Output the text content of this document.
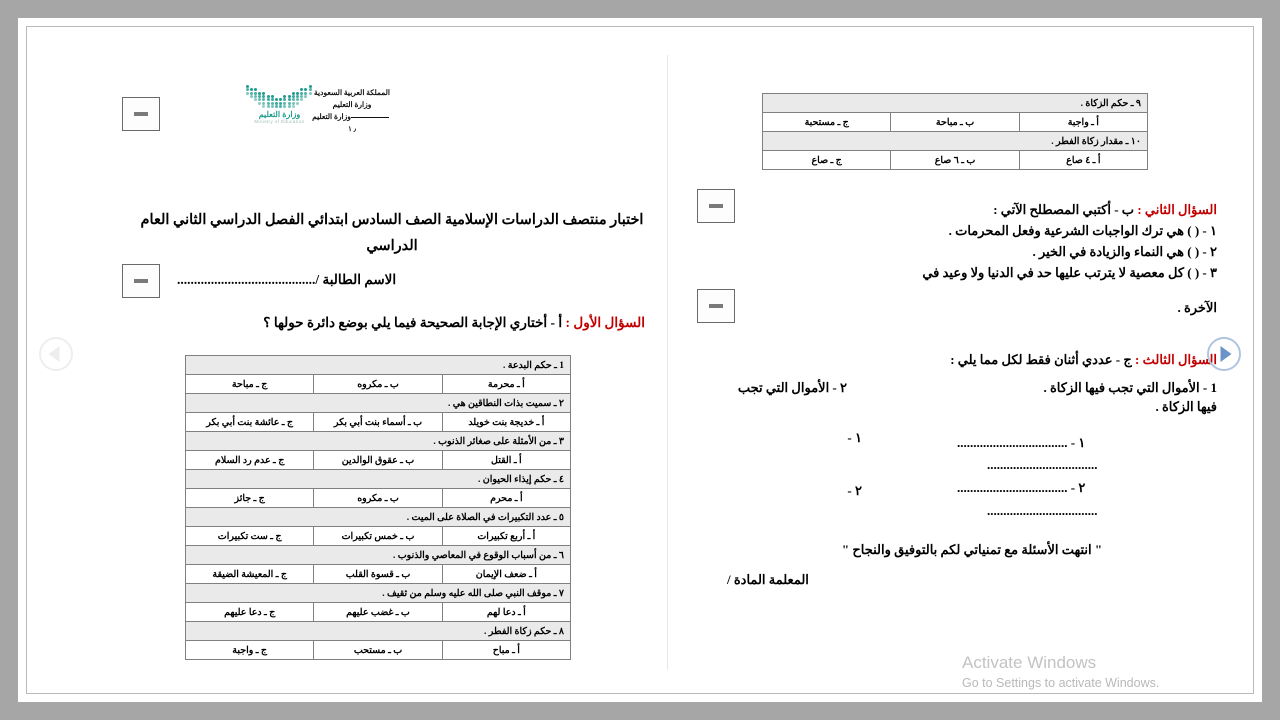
وزارة التعليم
Ministry of Education
المملكة العربية السعودية
وزارة التعليم
وزارة التعليم
٫ ١
اختبار منتصف الدراسات الإسلامية الصف السادس ابتدائي الفصل الدراسي الثاني العام الدراسي
الاسم الطالبة /.........................................
السؤال الأول : أ - أختاري الإجابة الصحيحة فيما يلي بوضع دائرة حولها ؟
1 ـ حكم البدعة .		
أ ـ محرمة	ب ـ مكروه	ج ـ مباحة
٢ ـ سميت بذات النطاقين هي .		
أ ـ خديجة بنت خويلد	ب ـ أسماء بنت أبي بكر	ج ـ عائشة بنت أبي بكر
٣ ـ من الأمثلة على صغائر الذنوب .		
أ ـ القتل	ب ـ عقوق الوالدين	ج ـ عدم رد السلام
٤ ـ حكم إيذاء الحيوان .		
أ ـ محرم	ب ـ مكروه	ج ـ جائز
٥ ـ عدد التكبيرات في الصلاة على الميت .		
أ ـ أربع تكبيرات	ب ـ خمس تكبيرات	ج ـ ست تكبيرات
٦ ـ من أسباب الوقوع في المعاصي والذنوب .		
أ ـ ضعف الإيمان	ب ـ قسوة القلب	ج ـ المعيشة الضيقة
٧ ـ موقف النبي صلى الله عليه وسلم من ثقيف .		
أ ـ دعا لهم	ب ـ غضب عليهم	ج ـ دعا عليهم
٨ ـ حكم زكاة الفطر .		
أ ـ مباح	ب ـ مستحب	ج ـ واجبة
٩ ـ حكم الزكاة .		
أ ـ واجبة	ب ـ مباحة	ج ـ مستحبة
١٠ ـ مقدار زكاة الفطر .		
أ ـ ٤ صاع	ب ـ ٦ صاع	ج ـ صاع
السؤال الثاني : ب - أكتبي المصطلح الآتي :
١ - ( ) هي ترك الواجبات الشرعية وفعل المحرمات .
٢ - ( ) هي النماء والزيادة في الخير .
٣ - ( ) كل معصية لا يترتب عليها حد في الدنيا ولا وعيد في
الآخرة .
السؤال الثالث : ج - عددي أثنان فقط لكل مما يلي :
1 - الأموال التي تجب فيها الزكاة .
٢ - الأموال التي تجب
فيها الزكاة .
١ - ..................................
..................................
٢ - ..................................
..................................
١ -
٢ -
" انتهت الأسئلة مع تمنياتي لكم بالتوفيق والنجاح "
المعلمة المادة /
Activate Windows
Go to Settings to activate Windows.
